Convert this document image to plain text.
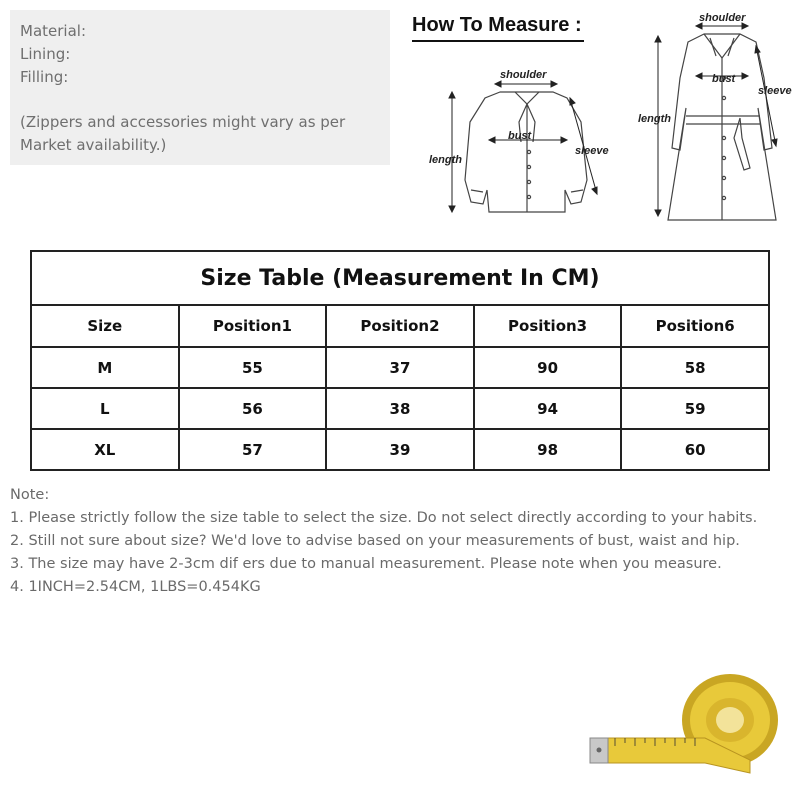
Material:
Lining:
Filling:
(Zippers and accessories might vary as per
Market availability.)
How To Measure :
shoulder
bust
length
sleeve
shoulder
bust
length
sleeve
Size Table (Measurement In CM)				
Size	Position1	Position2	Position3	Position6
M	55	37	90	58
L	56	38	94	59
XL	57	39	98	60
Note:
1. Please strictly follow the size table to select the size. Do not select directly according to your habits.
2. Still not sure about size? We'd love to advise based on your measurements of bust, waist and hip.
3. The size may have 2-3cm dif ers due to manual measurement. Please note when you measure.
4. 1INCH=2.54CM, 1LBS=0.454KG
